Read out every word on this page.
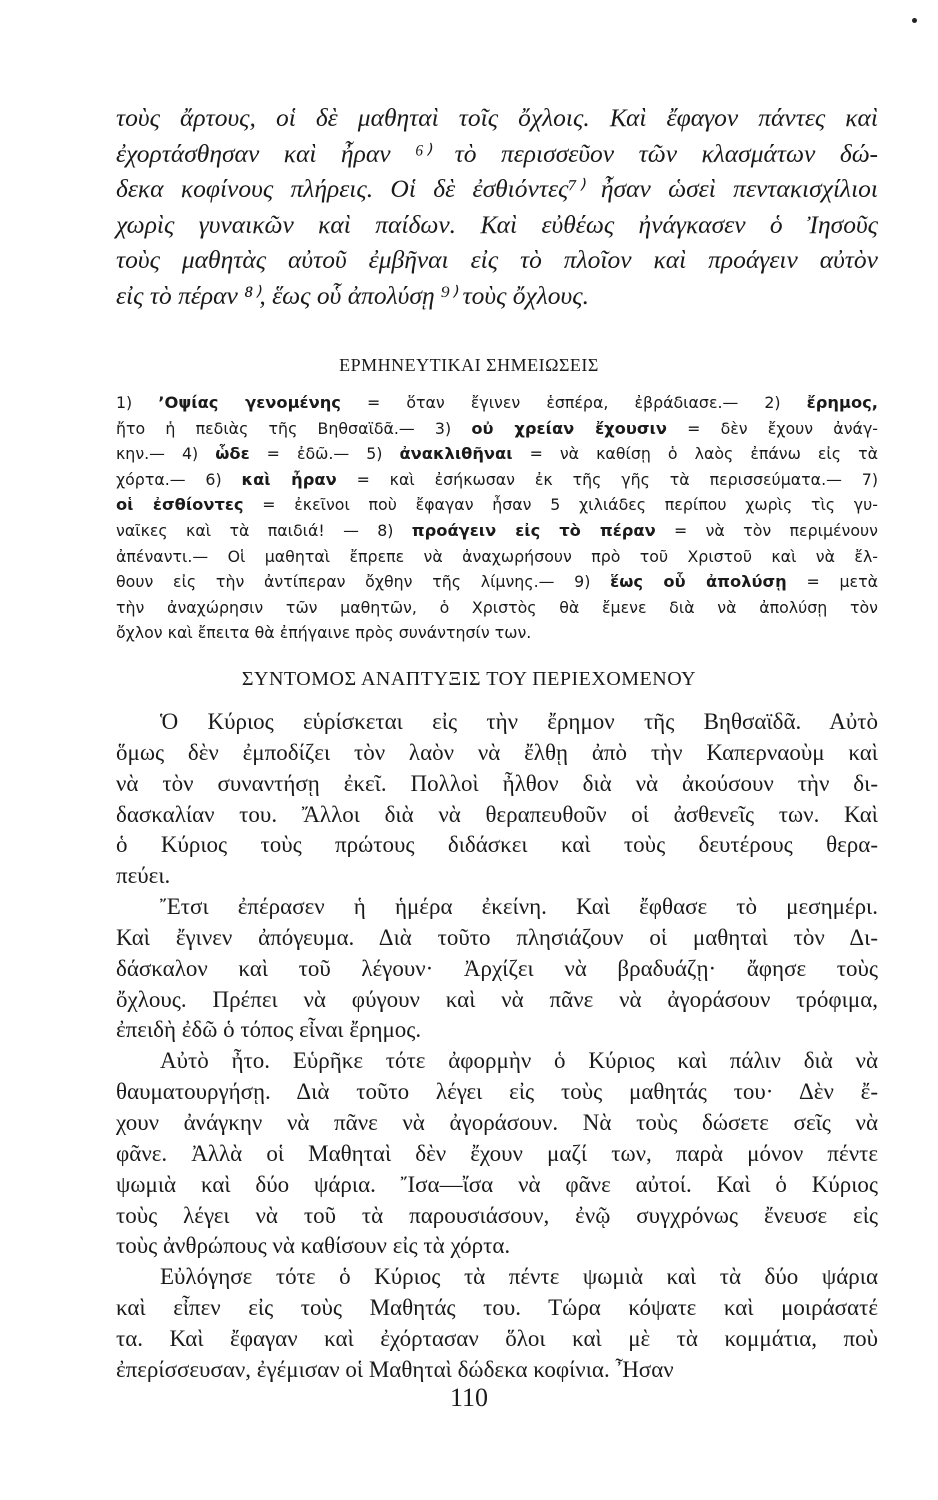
τοὺς ἄρτους, οἱ δὲ μαθηταὶ τοῖς ὄχλοις. Καὶ ἔφαγον πάντες καὶ
ἐχορτάσθησαν καὶ ἦραν ⁶⁾ τὸ περισσεῦον τῶν κλασμάτων δώ-
δεκα κοφίνους πλήρεις. Οἱ δὲ ἐσθιόντες⁷⁾ ἦσαν ὡσεὶ πεντακισχίλιοι
χωρὶς γυναικῶν καὶ παίδων. Καὶ εὐθέως ἠνάγκασεν ὁ Ἰησοῦς
τοὺς μαθητὰς αὐτοῦ ἐμβῆναι εἰς τὸ πλοῖον καὶ προάγειν αὐτὸν
εἰς τὸ πέραν ⁸⁾, ἕως οὗ ἀπολύσῃ ⁹⁾ τοὺς ὄχλους.
ΕΡΜΗΝΕΥΤΙΚΑΙ ΣΗΜΕΙΩΣΕΙΣ
1) ’Οψίας γενομένης = ὅταν ἔγινεν ἑσπέρα, ἐβράδιασε.— 2) ἔρημος,
ἤτο ἡ πεδιὰς τῆς Βηθσαϊδᾶ.— 3) οὐ χρείαν ἔχουσιν = δὲν ἔχουν ἀνάγ-
κην.— 4) ὧδε = ἐδῶ.— 5) ἀνακλιθῆναι = νὰ καθίσῃ ὁ λαὸς ἐπάνω εἰς τὰ
χόρτα.— 6) καὶ ἦραν = καὶ ἐσήκωσαν ἐκ τῆς γῆς τὰ περισσεύματα.— 7)
οἱ ἐσθίοντες = ἐκεῖνοι ποὺ ἔφαγαν ἦσαν 5 χιλιάδες περίπου χωρὶς τὶς γυ-
ναῖκες καὶ τὰ παιδιά! — 8) προάγειν εἰς τὸ πέραν = νὰ τὸν περιμένουν
ἀπέναντι.— Οἱ μαθηταὶ ἔπρεπε νὰ ἀναχωρήσουν πρὸ τοῦ Χριστοῦ καὶ νὰ ἔλ-
θουν εἰς τὴν ἀντίπεραν ὄχθην τῆς λίμνης.— 9) ἕως οὗ ἀπολύσῃ = μετὰ
τὴν ἀναχώρησιν τῶν μαθητῶν, ὁ Χριστὸς θὰ ἔμενε διὰ νὰ ἀπολύσῃ τὸν
ὄχλον καὶ ἔπειτα θὰ ἐπήγαινε πρὸς συνάντησίν των.
ΣΥΝΤΟΜΟΣ ΑΝΑΠΤΥΞΙΣ ΤΟΥ ΠΕΡΙΕΧΟΜΕΝΟΥ
Ὁ Κύριος εὑρίσκεται εἰς τὴν ἔρημον τῆς Βηθσαϊδᾶ. Αὐτὸ
ὅμως δὲν ἐμποδίζει τὸν λαὸν νὰ ἔλθῃ ἀπὸ τὴν Καπερναοὺμ καὶ
νὰ τὸν συναντήσῃ ἐκεῖ. Πολλοὶ ἦλθον διὰ νὰ ἀκούσουν τὴν δι-
δασκαλίαν του. Ἄλλοι διὰ νὰ θεραπευθοῦν οἱ ἀσθενεῖς των. Καὶ
ὁ Κύριος τοὺς πρώτους διδάσκει καὶ τοὺς δευτέρους θερα-
πεύει.
Ἔτσι ἐπέρασεν ἡ ἡμέρα ἐκείνη. Καὶ ἔφθασε τὸ μεσημέρι.
Καὶ ἔγινεν ἀπόγευμα. Διὰ τοῦτο πλησιάζουν οἱ μαθηταὶ τὸν Δι-
δάσκαλον καὶ τοῦ λέγουν· Ἀρχίζει νὰ βραδυάζῃ· ἄφησε τοὺς
ὄχλους. Πρέπει νὰ φύγουν καὶ νὰ πᾶνε νὰ ἀγοράσουν τρόφιμα,
ἐπειδὴ ἐδῶ ὁ τόπος εἶναι ἔρημος.
Αὐτὸ ἦτο. Εὑρῆκε τότε ἀφορμὴν ὁ Κύριος καὶ πάλιν διὰ νὰ
θαυματουργήσῃ. Διὰ τοῦτο λέγει εἰς τοὺς μαθητάς του· Δὲν ἔ-
χουν ἀνάγκην νὰ πᾶνε νὰ ἀγοράσουν. Νὰ τοὺς δώσετε σεῖς νὰ
φᾶνε. Ἀλλὰ οἱ Μαθηταὶ δὲν ἔχουν μαζί των, παρὰ μόνον πέντε
ψωμιὰ καὶ δύο ψάρια. Ἴσα—ἴσα νὰ φᾶνε αὐτοί. Καὶ ὁ Κύριος
τοὺς λέγει νὰ τοῦ τὰ παρουσιάσουν, ἐνῷ συγχρόνως ἔνευσε εἰς
τοὺς ἀνθρώπους νὰ καθίσουν εἰς τὰ χόρτα.
Εὐλόγησε τότε ὁ Κύριος τὰ πέντε ψωμιὰ καὶ τὰ δύο ψάρια
καὶ εἶπεν εἰς τοὺς Μαθητάς του. Τώρα κόψατε καὶ μοιράσατέ
τα. Καὶ ἔφαγαν καὶ ἐχόρτασαν ὅλοι καὶ μὲ τὰ κομμάτια, ποὺ
ἐπερίσσευσαν, ἐγέμισαν οἱ Μαθηταὶ δώδεκα κοφίνια. Ἦσαν
110
